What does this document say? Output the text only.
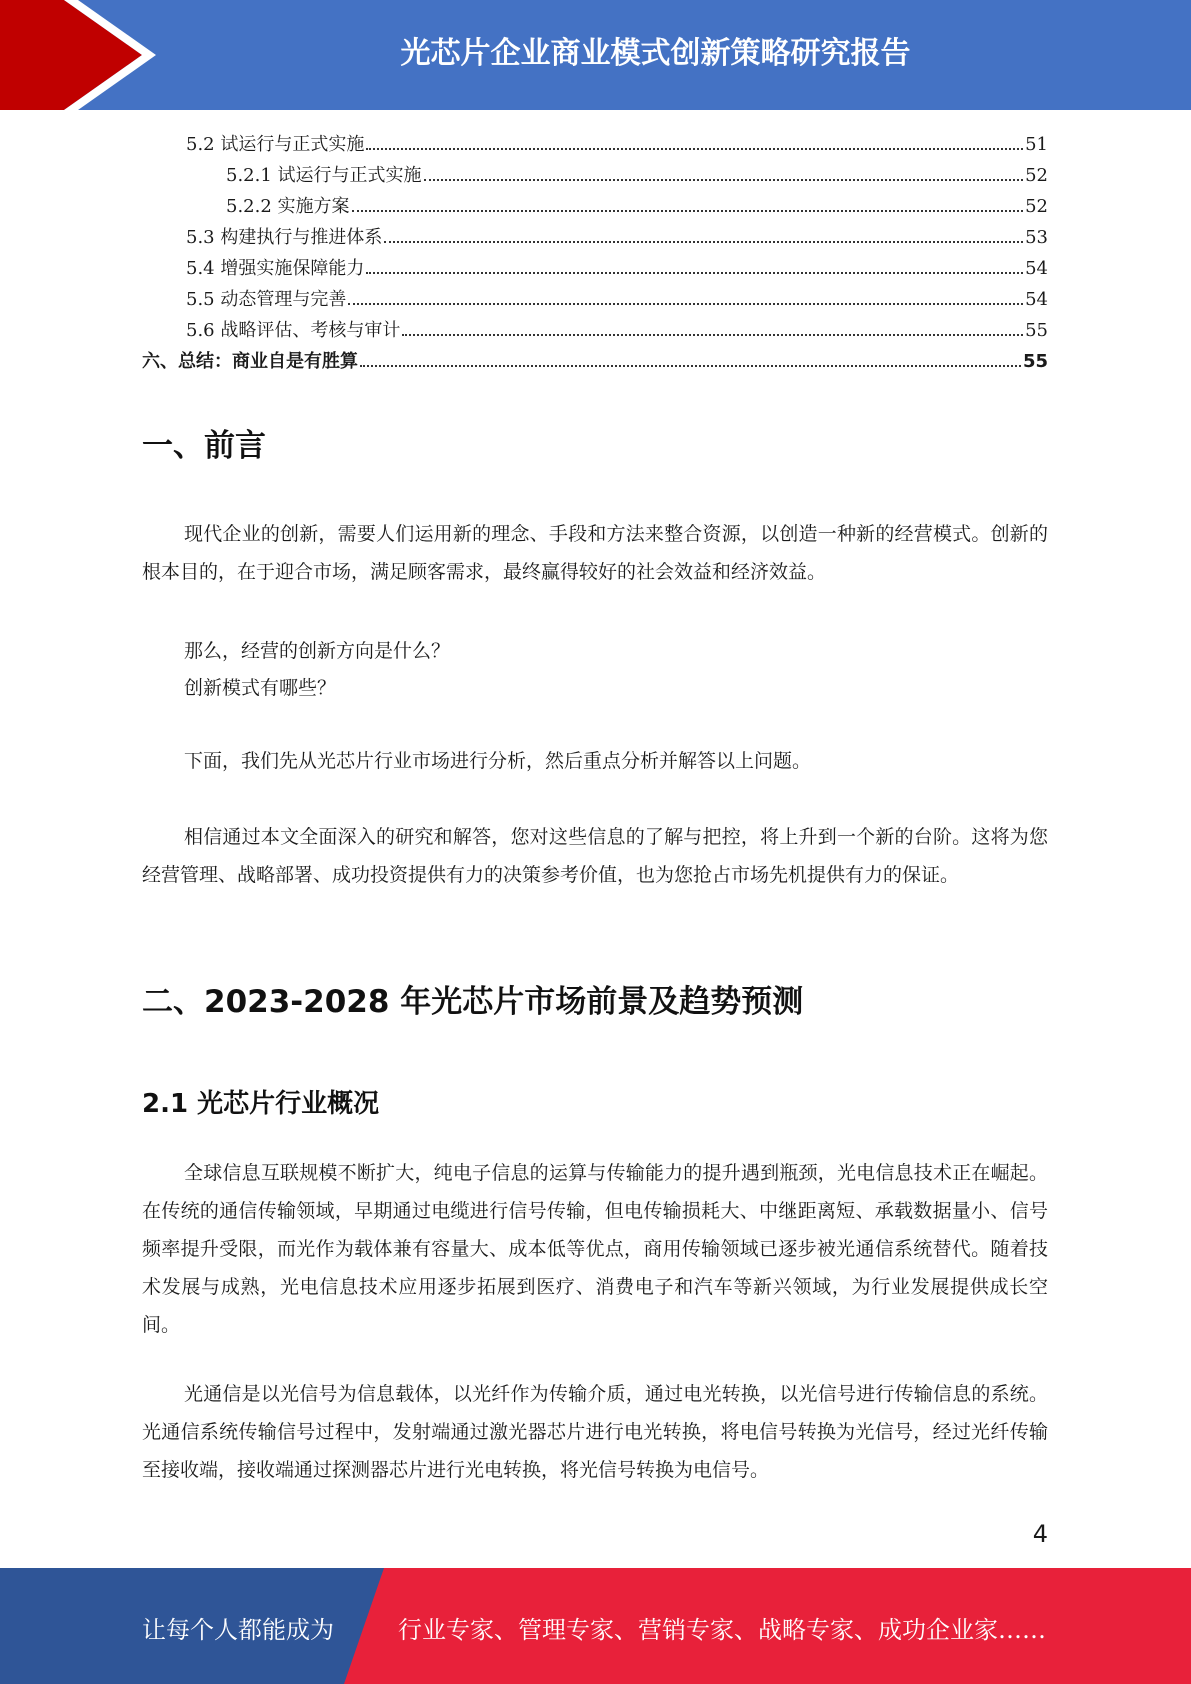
光芯片企业商业模式创新策略研究报告
5.2 试运行与正式实施	51
5.2.1 试运行与正式实施	52
5.2.2 实施方案	52
5.3 构建执行与推进体系	53
5.4 增强实施保障能力	54
5.5 动态管理与完善	54
5.6 战略评估、考核与审计	55
六、总结：商业自是有胜算	55
一、前言
现代企业的创新，需要人们运用新的理念、手段和方法来整合资源，以创造一种新的经营模式。创新的根本目的，在于迎合市场，满足顾客需求，最终赢得较好的社会效益和经济效益。
那么，经营的创新方向是什么？
创新模式有哪些？
下面，我们先从光芯片行业市场进行分析，然后重点分析并解答以上问题。
相信通过本文全面深入的研究和解答，您对这些信息的了解与把控，将上升到一个新的台阶。这将为您经营管理、战略部署、成功投资提供有力的决策参考价值，也为您抢占市场先机提供有力的保证。
二、2023-2028 年光芯片市场前景及趋势预测
2.1 光芯片行业概况
全球信息互联规模不断扩大，纯电子信息的运算与传输能力的提升遇到瓶颈，光电信息技术正在崛起。在传统的通信传输领域，早期通过电缆进行信号传输，但电传输损耗大、中继距离短、承载数据量小、信号频率提升受限，而光作为载体兼有容量大、成本低等优点，商用传输领域已逐步被光通信系统替代。随着技术发展与成熟，光电信息技术应用逐步拓展到医疗、消费电子和汽车等新兴领域，为行业发展提供成长空间。
光通信是以光信号为信息载体，以光纤作为传输介质，通过电光转换，以光信号进行传输信息的系统。光通信系统传输信号过程中，发射端通过激光器芯片进行电光转换，将电信号转换为光信号，经过光纤传输至接收端，接收端通过探测器芯片进行光电转换，将光信号转换为电信号。
4
让每个人都能成为	行业专家、管理专家、营销专家、战略专家、成功企业家……
